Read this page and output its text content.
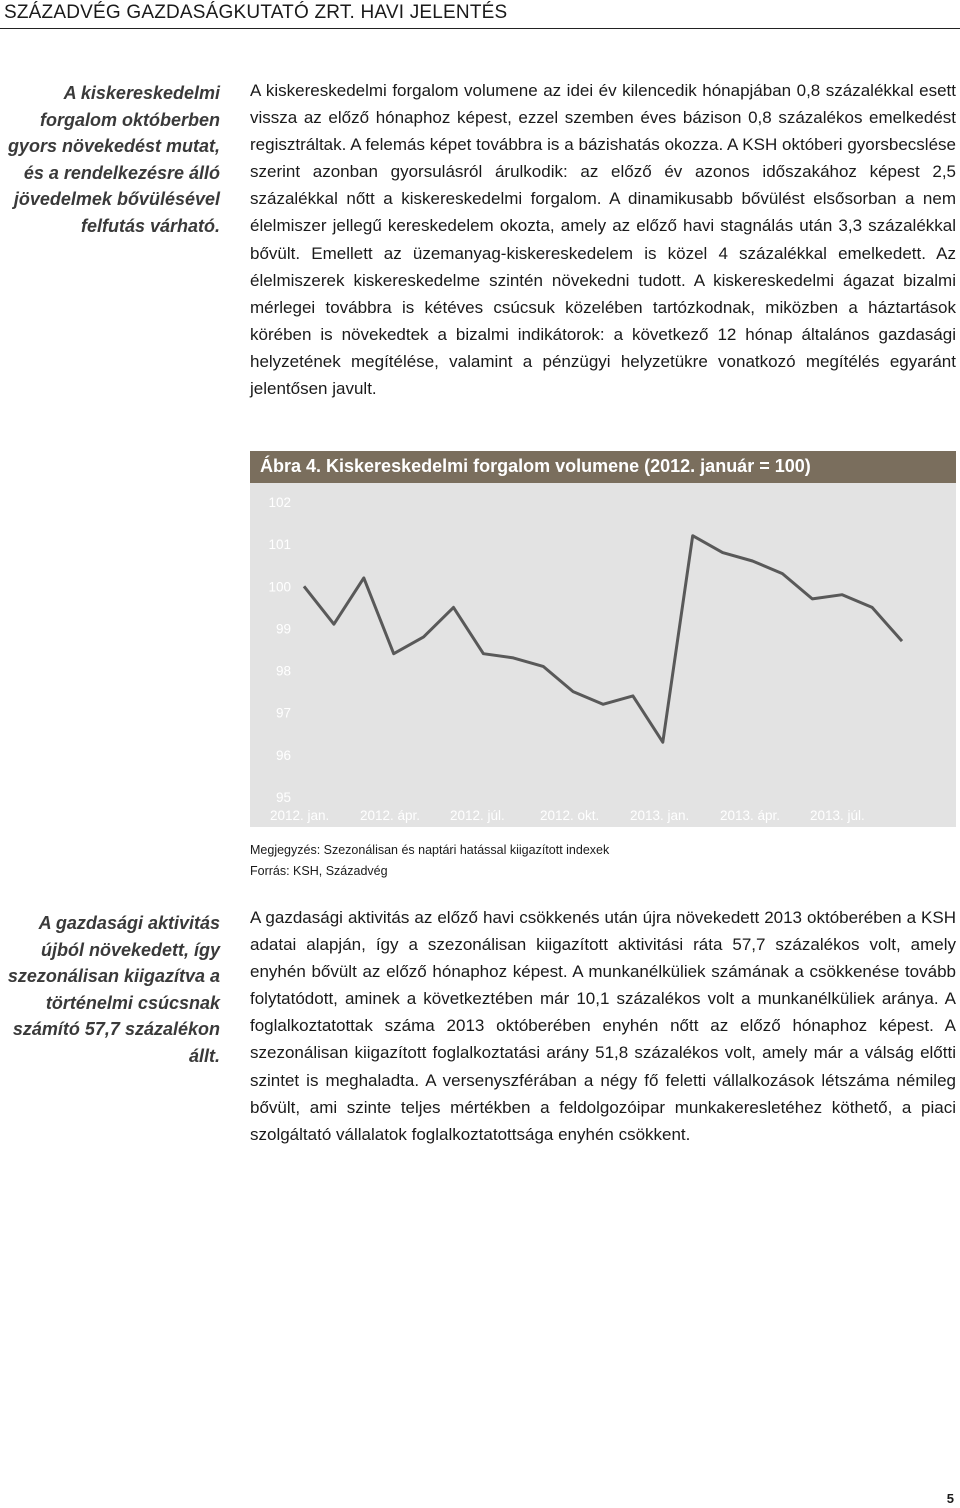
SZÁZADVÉG GAZDASÁGKUTATÓ ZRT. HAVI JELENTÉS
A kiskereskedelmi forgalom októberben gyors növekedést mutat, és a rendelkezésre álló jövedelmek bővülésével felfutás várható.
A kiskereskedelmi forgalom volumene az idei év kilencedik hónapjában 0,8 százalékkal esett vissza az előző hónaphoz képest, ezzel szemben éves bázison 0,8 százalékos emelkedést regisztráltak. A felemás képet továbbra is a bázishatás okozza. A KSH októberi gyorsbecslése szerint azonban gyorsulásról árulkodik: az előző év azonos időszakához képest 2,5 százalékkal nőtt a kiskereskedelmi forgalom. A dinamikusabb bővülést elsősorban a nem élelmiszer jellegű kereskedelem okozta, amely az előző havi stagnálás után 3,3 százalékkal bővült. Emellett az üzemanyag-kiskereskedelem is közel 4 százalékkal emelkedett. Az élelmiszerek kiskereskedelme szintén növekedni tudott. A kiskereskedelmi ágazat bizalmi mérlegei továbbra is kétéves csúcsuk közelében tartózkodnak, miközben a háztartások körében is növekedtek a bizalmi indikátorok: a következő 12 hónap általános gazdasági helyzetének megítélése, valamint a pénzügyi helyzetükre vonatkozó megítélés egyaránt jelentősen javult.
Ábra 4. Kiskereskedelmi forgalom volumene (2012. január = 100)
102
101
100
99
98
97
96
95
2012. jan. 2012. ápr. 2012. júl.	2012. okt. 2013. jan. 2013. ápr. 2013. júl.
Megjegyzés: Szezonálisan és naptári hatással kiigazított indexek
Forrás: KSH, Századvég
A gazdasági aktivitás újból növekedett, így szezonálisan kiigazítva a történelmi csúcsnak számító 57,7 százalékon állt.
A gazdasági aktivitás az előző havi csökkenés után újra növekedett 2013 októberében a KSH adatai alapján, így a szezonálisan kiigazított aktivitási ráta 57,7 százalékos volt, amely enyhén bővült az előző hónaphoz képest. A munkanélküliek számának a csökkenése tovább folytatódott, aminek a következtében már 10,1 százalékos volt a munkanélküliek aránya. A foglalkoztatottak száma 2013 októberében enyhén nőtt az előző hónaphoz képest. A szezonálisan kiigazított foglalkoztatási arány 51,8 százalékos volt, amely már a válság előtti szintet is meghaladta. A versenyszférában a négy fő feletti vállalkozások létszáma némileg bővült, ami szinte teljes mértékben a feldolgozóipar munkakeresletéhez köthető, a piaci szolgáltató vállalatok foglalkoztatottsága enyhén csökkent.
5
